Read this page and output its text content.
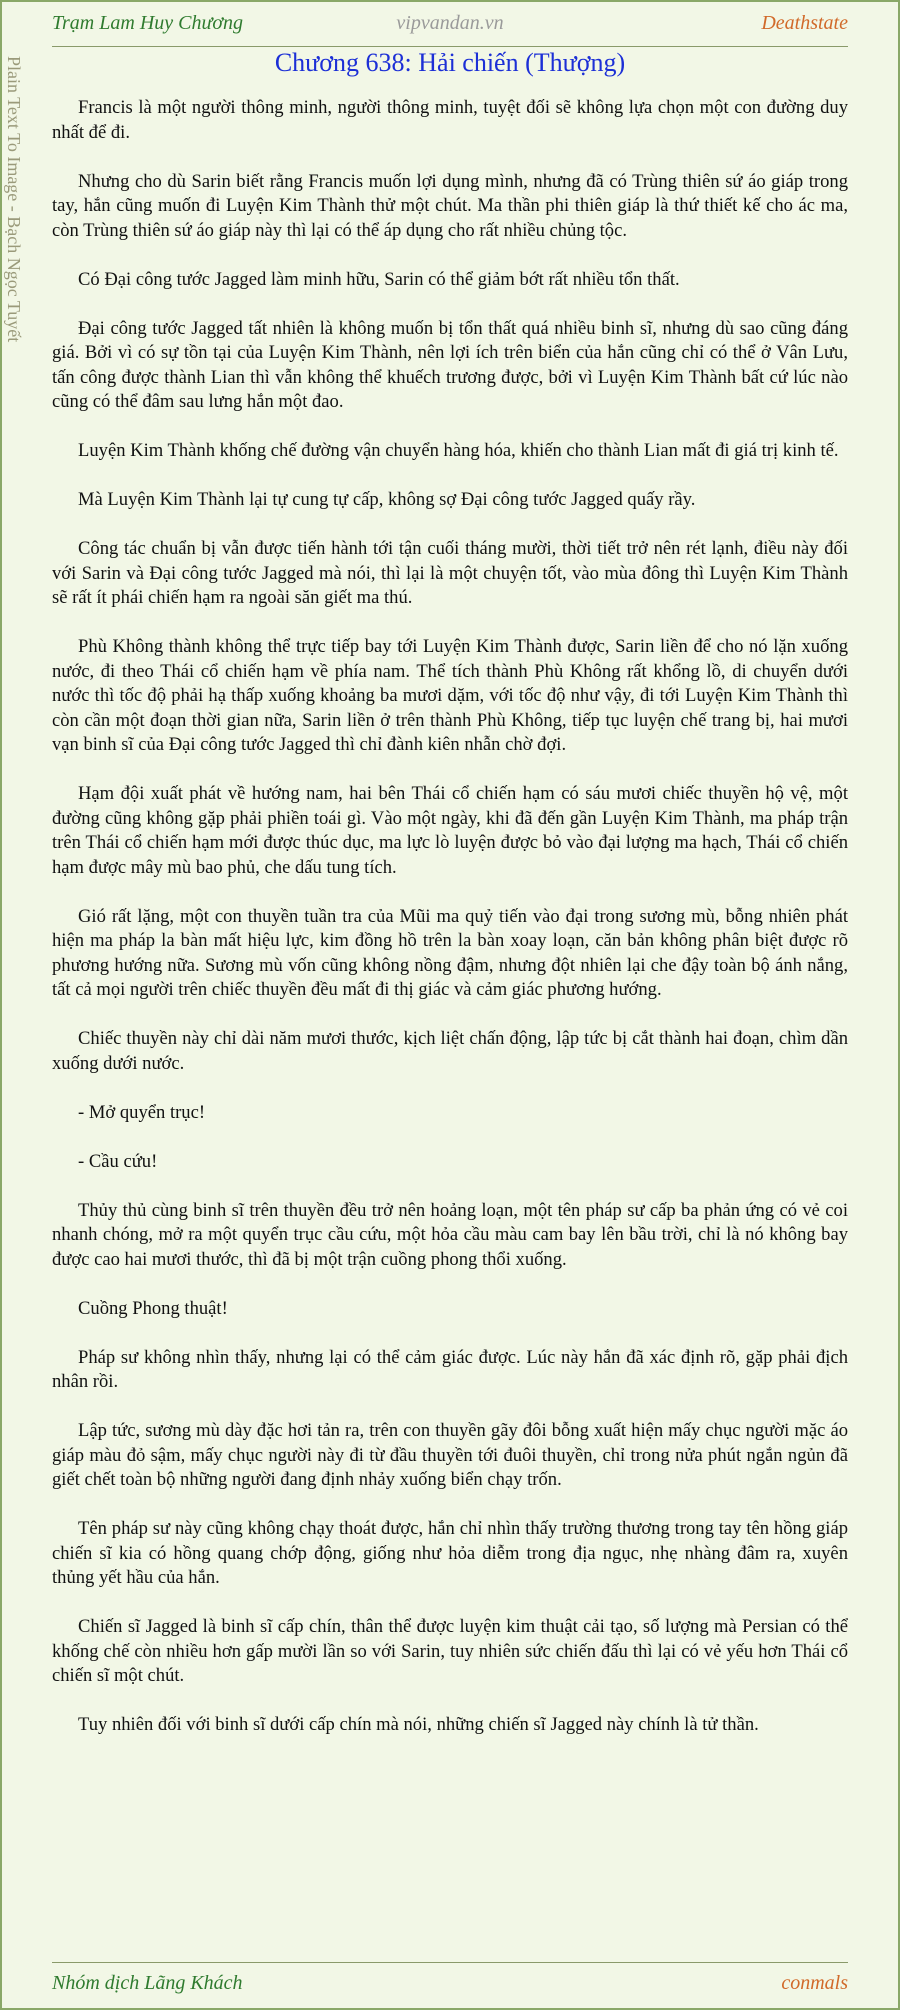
Trạm Lam Huy Chương	vipvandan.vn	Deathstate
Plain Text To Image - Bạch Ngọc Tuyết	Chương 638: Hải chiến (Thượng)

Francis là một người thông minh, người thông minh, tuyệt đối sẽ không lựa chọn một con đường duy nhất để đi.

Nhưng cho dù Sarin biết rằng Francis muốn lợi dụng mình, nhưng đã có Trùng thiên sứ áo giáp trong tay, hắn cũng muốn đi Luyện Kim Thành thử một chút. Ma thần phi thiên giáp là thứ thiết kế cho ác ma, còn Trùng thiên sứ áo giáp này thì lại có thể áp dụng cho rất nhiều chủng tộc.

Có Đại công tước Jagged làm minh hữu, Sarin có thể giảm bớt rất nhiều tổn thất.

Đại công tước Jagged tất nhiên là không muốn bị tổn thất quá nhiều binh sĩ, nhưng dù sao cũng đáng giá. Bởi vì có sự tồn tại của Luyện Kim Thành, nên lợi ích trên biển của hắn cũng chỉ có thể ở Vân Lưu, tấn công được thành Lian thì vẫn không thể khuếch trương được, bởi vì Luyện Kim Thành bất cứ lúc nào cũng có thể đâm sau lưng hắn một đao.

Luyện Kim Thành khống chế đường vận chuyển hàng hóa, khiến cho thành Lian mất đi giá trị kinh tế.

Mà Luyện Kim Thành lại tự cung tự cấp, không sợ Đại công tước Jagged quấy rầy.

Công tác chuẩn bị vẫn được tiến hành tới tận cuối tháng mười, thời tiết trở nên rét lạnh, điều này đối với Sarin và Đại công tước Jagged mà nói, thì lại là một chuyện tốt, vào mùa đông thì Luyện Kim Thành sẽ rất ít phái chiến hạm ra ngoài săn giết ma thú.

Phù Không thành không thể trực tiếp bay tới Luyện Kim Thành được, Sarin liền để cho nó lặn xuống nước, đi theo Thái cổ chiến hạm về phía nam. Thể tích thành Phù Không rất khổng lồ, di chuyển dưới nước thì tốc độ phải hạ thấp xuống khoảng ba mươi dặm, với tốc độ như vậy, đi tới Luyện Kim Thành thì còn cần một đoạn thời gian nữa, Sarin liền ở trên thành Phù Không, tiếp tục luyện chế trang bị, hai mươi vạn binh sĩ của Đại công tước Jagged thì chỉ đành kiên nhẫn chờ đợi.

Hạm đội xuất phát về hướng nam, hai bên Thái cổ chiến hạm có sáu mươi chiếc thuyền hộ vệ, một đường cũng không gặp phải phiền toái gì. Vào một ngày, khi đã đến gần Luyện Kim Thành, ma pháp trận trên Thái cổ chiến hạm mới được thúc dục, ma lực lò luyện được bỏ vào đại lượng ma hạch, Thái cổ chiến hạm được mây mù bao phủ, che dấu tung tích.

Gió rất lặng, một con thuyền tuần tra của Mũi ma quỷ tiến vào đại trong sương mù, bỗng nhiên phát hiện ma pháp la bàn mất hiệu lực, kim đồng hồ trên la bàn xoay loạn, căn bản không phân biệt được rõ phương hướng nữa. Sương mù vốn cũng không nồng đậm, nhưng đột nhiên lại che đậy toàn bộ ánh nắng, tất cả mọi người trên chiếc thuyền đều mất đi thị giác và cảm giác phương hướng.

Chiếc thuyền này chỉ dài năm mươi thước, kịch liệt chấn động, lập tức bị cắt thành hai đoạn, chìm dần xuống dưới nước.

- Mở quyển trục!

- Cầu cứu!

Thủy thủ cùng binh sĩ trên thuyền đều trở nên hoảng loạn, một tên pháp sư cấp ba phản ứng có vẻ coi nhanh chóng, mở ra một quyển trục cầu cứu, một hỏa cầu màu cam bay lên bầu trời, chỉ là nó không bay được cao hai mươi thước, thì đã bị một trận cuồng phong thổi xuống.

Cuồng Phong thuật!

Pháp sư không nhìn thấy, nhưng lại có thể cảm giác được. Lúc này hắn đã xác định rõ, gặp phải địch nhân rồi.

Lập tức, sương mù dày đặc hơi tản ra, trên con thuyền gãy đôi bỗng xuất hiện mấy chục người mặc áo giáp màu đỏ sậm, mấy chục người này đi từ đầu thuyền tới đuôi thuyền, chỉ trong nửa phút ngắn ngủn đã giết chết toàn bộ những người đang định nhảy xuống biển chạy trốn.

Tên pháp sư này cũng không chạy thoát được, hắn chỉ nhìn thấy trường thương trong tay tên hồng giáp chiến sĩ kia có hồng quang chớp động, giống như hỏa diễm trong địa ngục, nhẹ nhàng đâm ra, xuyên thủng yết hầu của hắn.

Chiến sĩ Jagged là binh sĩ cấp chín, thân thể được luyện kim thuật cải tạo, số lượng mà Persian có thể khống chế còn nhiều hơn gấp mười lần so với Sarin, tuy nhiên sức chiến đấu thì lại có vẻ yếu hơn Thái cổ chiến sĩ một chút.

Tuy nhiên đối với binh sĩ dưới cấp chín mà nói, những chiến sĩ Jagged này chính là tử thần.

Nhóm dịch Lãng Khách	conmals
